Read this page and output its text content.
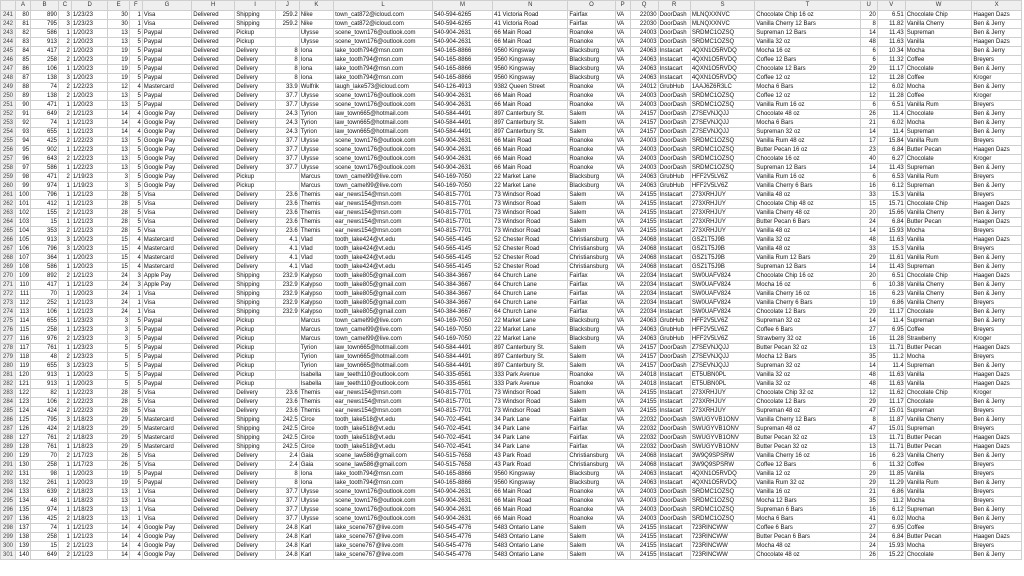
	A	B	C	D	E	F	G	H	I	J	K	L	M	N	O	P	Q	R	S	T	U	V	W	X
241	80	890	3	1/23/23	30	1	Visa	Delivered	Shipping	259.2	Nike	town_cat872@icloud.com	540-594-6265	41 Victoria Road	Fairfax	VA	22030	DoorDash	MLNQXXNVC	Chocolate Chip 16 oz	20	6.51	Chocolate Chip	Haagen Dazs
242	81	795	3	1/23/23	30	1	Visa	Delivered	Shipping	259.2	Nike	town_cat872@icloud.com	540-594-6265	41 Victoria Road	Fairfax	VA	22030	DoorDash	MLNQXXNVC	Vanilla Cherry 12 Bars	8	11.82	Vanilla Cherry	Ben & Jerry
243	82	586	1	1/20/23	13	5	Paypal	Delivered	Pickup		Ulysse	scene_town176@outlook.com	540-904-2631	66 Main Road	Roanoke	VA	24003	DoorDash	SRDMC1OZSQ	Supreman 12 Bars	14	11.43	Supreman	Ben & Jerry
244	83	913	2	1/20/23	13	5	Paypal	Delivered	Pickup		Ulysse	scene_town176@outlook.com	540-904-2631	66 Main Road	Roanoke	VA	24003	DoorDash	SRDMC1OZSQ	Vanilla 32 oz	48	11.63	Vanilla	Haagen Dazs
245	84	417	2	1/20/23	19	5	Paypal	Delivered	Delivery	8	Iona	lake_tooth794@msn.com	540-165-8866	9560 Kingsway	Blacksburg	VA	24063	Instacart	4QXN1O5RVDQ	Mocha 16 oz	6	10.34	Mocha	Ben & Jerry
246	85	258	2	1/20/23	19	5	Paypal	Delivered	Delivery	8	Iona	lake_tooth794@msn.com	540-165-8866	9560 Kingsway	Blacksburg	VA	24063	Instacart	4QXN1O5RVDQ	Coffee 12 Bars	6	11.32	Coffee	Breyers
247	86	106	1	1/20/23	19	5	Paypal	Delivered	Delivery	8	Iona	lake_tooth794@msn.com	540-165-8866	9560 Kingsway	Blacksburg	VA	24063	Instacart	4QXN1O5RVDQ	Chocolate 12 Bars	29	11.17	Chocolate	Ben & Jerry
248	87	138	3	1/20/23	19	5	Paypal	Delivered	Delivery	8	Iona	lake_tooth794@msn.com	540-165-8866	9560 Kingsway	Blacksburg	VA	24063	Instacart	4QXN1O5RVDQ	Coffee 12 oz	12	11.28	Coffee	Kroger
249	88	74	2	1/22/23	12	4	Mastercard	Delivered	Delivery	33.9	Wulfrik	laugh_lake573@icloud.com	540-126-4913	9382 Queen Street	Roanoke	VA	24012	GrubHub	1AAJ6Z6R3LC	Mocha 6 Bars	12	6.02	Mocha	Ben & Jerry
250	89	138	2	1/20/23	13	5	Paypal	Delivered	Delivery	37.7	Ulysse	scene_town176@outlook.com	540-904-2631	66 Main Road	Roanoke	VA	24003	DoorDash	SRDMC1OZSQ	Coffee 12 oz	12	11.28	Coffee	Kroger
251	90	471	1	1/20/23	13	5	Paypal	Delivered	Delivery	37.7	Ulysse	scene_town176@outlook.com	540-904-2631	66 Main Road	Roanoke	VA	24003	DoorDash	SRDMC1OZSQ	Vanilla Rum 16 oz	6	6.51	Vanilla Rum	Breyers
252	91	649	2	1/21/23	14	4	Google Pay	Delivered	Delivery	24.3	Tyrion	law_town665@hotmail.com	540-584-4491	897 Canterbury St.	Salem	VA	24157	DoorDash	Z7SEVNJQJJ	Chocolate 48 oz	26	11.4	Chocolate	Ben & Jerry
253	92	74	1	1/21/23	14	4	Google Pay	Delivered	Delivery	24.3	Tyrion	law_town665@hotmail.com	540-584-4491	897 Canterbury St.	Salem	VA	24157	DoorDash	Z7SEVNJQJJ	Mocha 6 Bars	21	6.02	Mocha	Ben & Jerry
254	93	655	1	1/21/23	14	4	Google Pay	Delivered	Delivery	24.3	Tyrion	law_town665@hotmail.com	540-584-4491	897 Canterbury St.	Salem	VA	24157	DoorDash	Z7SEVNJQJJ	Supreman 32 oz	14	11.4	Supreman	Ben & Jerry
255	94	425	2	1/22/23	13	5	Google Pay	Delivered	Delivery	37.7	Ulysse	scene_town176@outlook.com	540-904-2631	66 Main Road	Roanoke	VA	24003	DoorDash	SRDMC1OZSQ	Vanilla Rum 48 oz	17	15.84	Vanilla Rum	Breyers
256	95	902	1	1/22/23	13	5	Google Pay	Delivered	Delivery	37.7	Ulysse	scene_town176@outlook.com	540-904-2631	66 Main Road	Roanoke	VA	24003	DoorDash	SRDMC1OZSQ	Butter Pecan 16 oz	23	6.84	Butter Pecan	Haagen Dazs
257	96	643	2	1/22/23	13	5	Google Pay	Delivered	Delivery	37.7	Ulysse	scene_town176@outlook.com	540-904-2631	66 Main Road	Roanoke	VA	24003	DoorDash	SRDMC1OZSQ	Chocolate 16 oz	40	6.27	Chocolate	Kroger
258	97	586	1	1/22/23	13	5	Google Pay	Delivered	Delivery	37.7	Ulysse	scene_town176@outlook.com	540-904-2631	66 Main Road	Roanoke	VA	24003	DoorDash	SRDMC1OZSQ	Supreman 12 Bars	14	11.43	Supreman	Ben & Jerry
259	98	471	2	1/19/23	3	5	Google Pay	Delivered	Pickup		Marcus	town_camel99@live.com	540-169-7050	22 Market Lane	Blacksburg	VA	24063	GrubHub	HFF2V5LV6Z	Vanilla Rum 16 oz	6	6.53	Vanilla Rum	Breyers
260	99	974	1	1/19/23	3	5	Google Pay	Delivered	Pickup		Marcus	town_camel99@live.com	540-169-7050	22 Market Lane	Blacksburg	VA	24063	GrubHub	HFF2V5LV6Z	Vanilla Cherry 6 Bars	16	6.12	Supreman	Ben & Jerry
261	100	796	1	1/21/23	28	5	Visa	Delivered	Delivery	23.6	Themis	ear_news154@msn.com	540-815-7701	73 Windsor Road	Salem	VA	24155	Instacart	273XRHJUY	Vanilla 48 oz	33	15.3	Vanilla	Breyers
262	101	412	1	1/21/23	28	5	Visa	Delivered	Delivery	23.6	Themis	ear_news154@msn.com	540-815-7701	73 Windsor Road	Salem	VA	24155	Instacart	273XRHJUY	Chocolate Chip 48 oz	15	15.71	Chocolate Chip	Haagen Dazs
263	102	155	2	1/21/23	28	5	Visa	Delivered	Delivery	23.6	Themis	ear_news154@msn.com	540-815-7701	73 Windsor Road	Salem	VA	24155	Instacart	273XRHJUY	Vanilla Cherry 48 oz	20	15.66	Vanilla Cherry	Ben & Jerry
264	103	15	1	1/21/23	28	5	Visa	Delivered	Delivery	23.6	Themis	ear_news154@msn.com	540-815-7701	73 Windsor Road	Salem	VA	24155	Instacart	273XRHJUY	Butter Pecan 6 Bars	24	6.84	Butter Pecan	Haagen Dazs
265	104	353	2	1/21/23	28	5	Visa	Delivered	Delivery	23.6	Themis	ear_news154@msn.com	540-815-7701	73 Windsor Road	Salem	VA	24155	Instacart	273XRHJUY	Vanilla 48 oz	14	15.93	Mocha	Breyers
266	105	913	3	1/20/23	15	4	Mastercard	Delivered	Delivery	4.1	Vlad	tooth_lake424@vt.edu	540-565-4145	52 Chester Road	Christiansburg	VA	24068	Instacart	GSZ1T5J9B	Vanilla 32 oz	48	11.63	Vanilla	Haagen Dazs
267	106	796	3	1/20/23	15	4	Mastercard	Delivered	Delivery	4.1	Vlad	tooth_lake424@vt.edu	540-565-4145	52 Chester Road	Christiansburg	VA	24068	Instacart	GSZ1T5J9B	Vanilla 48 oz	33	15.3	Vanilla	Breyers
268	107	364	1	1/20/23	15	4	Mastercard	Delivered	Delivery	4.1	Vlad	tooth_lake424@vt.edu	540-565-4145	52 Chester Road	Christiansburg	VA	24068	Instacart	GSZ1T5J9B	Vanilla Rum 12 Bars	29	11.61	Vanilla Rum	Ben & Jerry
269	108	586	1	1/20/23	15	4	Mastercard	Delivered	Delivery	4.1	Vlad	tooth_lake424@vt.edu	540-565-4145	52 Chester Road	Christiansburg	VA	24068	Instacart	GSZ1T5J9B	Supreman 12 Bars	14	11.43	Supreman	Ben & Jerry
270	109	892	2	1/21/23	24	3	Apple Pay	Delivered	Shipping	232.9	Kalypso	tooth_lake805@gmail.com	540-384-3667	64 Church Lane	Fairfax	VA	22034	Instacart	SW0UAFV824	Chocolate Chip 16 oz	20	6.51	Chocolate Chip	Haagen Dazs
271	110	417	1	1/21/23	24	3	Apple Pay	Delivered	Shipping	232.9	Kalypso	tooth_lake805@gmail.com	540-384-3667	64 Church Lane	Fairfax	VA	22034	Instacart	SW0UAFV824	Mocha 16 oz	6	10.38	Vanilla Cherry	Ben & Jerry
272	111	70	1	1/20/23	24	1	Visa	Delivered	Shipping	232.9	Kalypso	tooth_lake805@gmail.com	540-384-3667	64 Church Lane	Fairfax	VA	22034	Instacart	SW0UAFV824	Vanilla Cherry 16 oz	16	6.23	Vanilla Cherry	Ben & Jerry
273	112	252	1	1/21/23	24	1	Visa	Delivered	Shipping	232.9	Kalypso	tooth_lake805@gmail.com	540-384-3667	64 Church Lane	Fairfax	VA	22034	Instacart	SW0UAFV824	Vanilla Cherry 6 Bars	19	6.86	Vanilla Cherry	Breyers
274	113	106	1	1/21/23	24	1	Visa	Delivered	Shipping	232.9	Kalypso	tooth_lake805@gmail.com	540-384-3667	64 Church Lane	Fairfax	VA	22034	Instacart	SW0UAFV824	Chocolate 12 Bars	29	11.17	Chocolate	Ben & Jerry
275	114	655	1	1/23/23	3	5	Paypal	Delivered	Pickup		Marcus	town_camel99@live.com	540-169-7050	22 Market Lane	Blacksburg	VA	24063	GrubHub	HFF2V5LV6Z	Supreman 32 oz	14	11.4	Supreman	Ben & Jerry
276	115	258	1	1/23/23	3	5	Paypal	Delivered	Pickup		Marcus	town_camel99@live.com	540-169-7050	22 Market Lane	Blacksburg	VA	24063	GrubHub	HFF2V5LV6Z	Coffee 6 Bars	27	6.95	Coffee	Breyers
277	116	976	2	1/23/23	3	5	Paypal	Delivered	Pickup		Marcus	town_camel99@live.com	540-169-7050	22 Market Lane	Blacksburg	VA	24063	GrubHub	HFF2V5LV6Z	Strawberry 32 oz	16	11.28	Strawberry	Kroger
278	117	761	1	1/23/23	5	5	Paypal	Delivered	Pickup		Tyrion	law_town665@hotmail.com	540-584-4491	897 Canterbury St.	Salem	VA	24157	DoorDash	Z7SEVNJQJJ	Butter Pecan 32 oz	13	11.71	Butter Pecan	Haagen Dazs
279	118	48	2	1/23/23	5	5	Paypal	Delivered	Pickup		Tyrion	law_town665@hotmail.com	540-584-4491	897 Canterbury St.	Salem	VA	24157	DoorDash	Z7SEVNJQJJ	Mocha 12 Bars	35	11.2	Mocha	Breyers
280	119	655	3	1/23/23	5	5	Paypal	Delivered	Pickup		Tyrion	law_town665@hotmail.com	540-584-4491	897 Canterbury St.	Salem	VA	24157	DoorDash	Z7SEVNJQJJ	Supreman 32 oz	14	11.4	Supreman	Ben & Jerry
281	120	913	1	1/20/23	5	5	Paypal	Delivered	Pickup		Isabella	law_teeth110@outlook.com	540-335-6561	333 Park Avenue	Roanoke	VA	24018	Instacart	ET5UBN0PL	Vanilla 32 oz	48	11.63	Vanilla	Haagen Dazs
282	121	913	1	1/20/23	5	5	Paypal	Delivered	Pickup		Isabella	law_teeth110@outlook.com	540-335-6561	333 Park Avenue	Roanoke	VA	24018	Instacart	ET5UBN0PL	Vanilla 32 oz	48	11.63	Vanilla	Haagen Dazs
283	122	82	1	1/22/23	28	5	Visa	Delivered	Delivery	23.6	Themis	ear_news154@msn.com	540-815-7701	73 Windsor Road	Salem	VA	24155	Instacart	273XRHJUY	Chocolate Chip 32 oz	12	11.62	Chocolate Chip	Kroger
284	123	106	2	1/22/23	28	5	Visa	Delivered	Delivery	23.6	Themis	ear_news154@msn.com	540-815-7701	73 Windsor Road	Salem	VA	24155	Instacart	273XRHJUY	Chocolate 12 Bars	29	11.17	Chocolate	Ben & Jerry
285	124	424	2	1/22/23	28	5	Visa	Delivered	Delivery	23.6	Themis	ear_news154@msn.com	540-815-7701	73 Windsor Road	Salem	VA	24155	Instacart	273XRHJUY	Supreman 48 oz	47	15.01	Supreman	Breyers
286	125	795	3	1/18/23	29	5	Mastercard	Delivered	Shipping	242.5	Circe	tooth_lake518@vt.edu	540-702-4541	34 Park Lane	Fairfax	VA	22032	DoorDash	SWUGYVB1ONV	Vanilla Cherry 12 Bars	8	11.87	Vanilla Cherry	Ben & Jerry
287	126	424	2	1/18/23	29	5	Mastercard	Delivered	Shipping	242.5	Circe	tooth_lake518@vt.edu	540-702-4541	34 Park Lane	Fairfax	VA	22032	DoorDash	SWUGYVB1ONV	Supreman 48 oz	47	15.01	Supreman	Breyers
288	127	761	2	1/18/23	29	5	Mastercard	Delivered	Shipping	242.5	Circe	tooth_lake518@vt.edu	540-702-4541	34 Park Lane	Fairfax	VA	22032	DoorDash	SWUGYVB1ONV	Butter Pecan 32 oz	13	11.71	Butter Pecan	Haagen Dazs
289	128	761	1	1/18/23	29	5	Mastercard	Delivered	Shipping	242.5	Circe	tooth_lake518@vt.edu	540-702-4541	34 Park Lane	Fairfax	VA	22032	DoorDash	SWUGYVB1ONV	Butter Pecan 32 oz	13	11.71	Butter Pecan	Haagen Dazs
290	129	70	2	1/17/23	26	5	Visa	Delivered	Delivery	2.4	Gaia	scene_law586@gmail.com	540-515-7658	43 Park Road	Christiansburg	VA	24068	Instacart	3W9Q9SPSRW	Vanilla Cherry 16 oz	16	6.23	Vanilla Cherry	Ben & Jerry
291	130	258	1	1/17/23	26	5	Visa	Delivered	Delivery	2.4	Gaia	scene_law586@gmail.com	540-515-7658	43 Park Road	Christiansburg	VA	24068	Instacart	3W9Q9SPSRW	Coffee 12 Bars	6	11.32	Coffee	Breyers
292	131	98	1	1/20/23	19	5	Paypal	Delivered	Delivery	8	Iona	lake_tooth794@msn.com	540-165-8866	9560 Kingsway	Blacksburg	VA	24063	Instacart	4QXN1O5RVDQ	Vanilla 12 oz	29	11.85	Vanilla	Breyers
293	132	261	1	1/20/23	19	5	Paypal	Delivered	Delivery	8	Iona	lake_tooth794@msn.com	540-165-8866	9560 Kingsway	Blacksburg	VA	24063	Instacart	4QXN1O5RVDQ	Vanilla Rum 32 oz	29	11.29	Vanilla Rum	Ben & Jerry
294	133	639	2	1/18/23	13	1	Visa	Delivered	Delivery	37.7	Ulysse	scene_town176@outlook.com	540-904-2631	66 Main Road	Roanoke	VA	24003	DoorDash	SRDMC1OZSQ	Vanilla 16 oz	21	6.86	Vanilla	Breyers
295	134	48	1	1/18/23	13	1	Visa	Delivered	Delivery	37.7	Ulysse	scene_town176@outlook.com	540-904-2631	66 Main Road	Roanoke	VA	24003	DoorDash	SRDMC1OZSQ	Mocha 12 Bars	35	11.2	Mocha	Breyers
296	135	974	1	1/18/23	13	1	Visa	Delivered	Delivery	37.7	Ulysse	scene_town176@outlook.com	540-904-2631	66 Main Road	Roanoke	VA	24003	DoorDash	SRDMC1OZSQ	Supreman 6 Bars	16	6.12	Supreman	Ben & Jerry
297	136	425	2	1/18/23	13	1	Visa	Delivered	Delivery	37.7	Ulysse	scene_town176@outlook.com	540-904-2631	66 Main Road	Roanoke	VA	24003	DoorDash	SRDMC1OZSQ	Mocha 6 Bars	41	6.02	Mocha	Ben & Jerry
298	137	74	1	1/21/23	14	4	Google Pay	Delivered	Delivery	24.8	Karl	lake_scene767@live.com	540-545-4776	5483 Ontario Lane	Salem	VA	24155	Instacart	723RINCWW	Coffee 6 Bars	27	6.95	Coffee	Breyers
299	138	258	1	1/21/23	14	4	Google Pay	Delivered	Delivery	24.8	Karl	lake_scene767@live.com	540-545-4776	5483 Ontario Lane	Salem	VA	24155	Instacart	723RINCWW	Butter Pecan 6 Bars	24	6.84	Butter Pecan	Haagen Dazs
300	139	15	2	1/21/23	14	4	Google Pay	Delivered	Delivery	24.8	Karl	lake_scene767@live.com	540-545-4776	5483 Ontario Lane	Salem	VA	24155	Instacart	723RINCWW	Mocha 48 oz	24	15.93	Mocha	Breyers
301	140	649	2	1/21/23	14	4	Google Pay	Delivered	Delivery	24.8	Karl	lake_scene767@live.com	540-545-4776	5483 Ontario Lane	Salem	VA	24155	Instacart	723RINCWW	Chocolate 48 oz	26	15.22	Chocolate	Ben & Jerry
